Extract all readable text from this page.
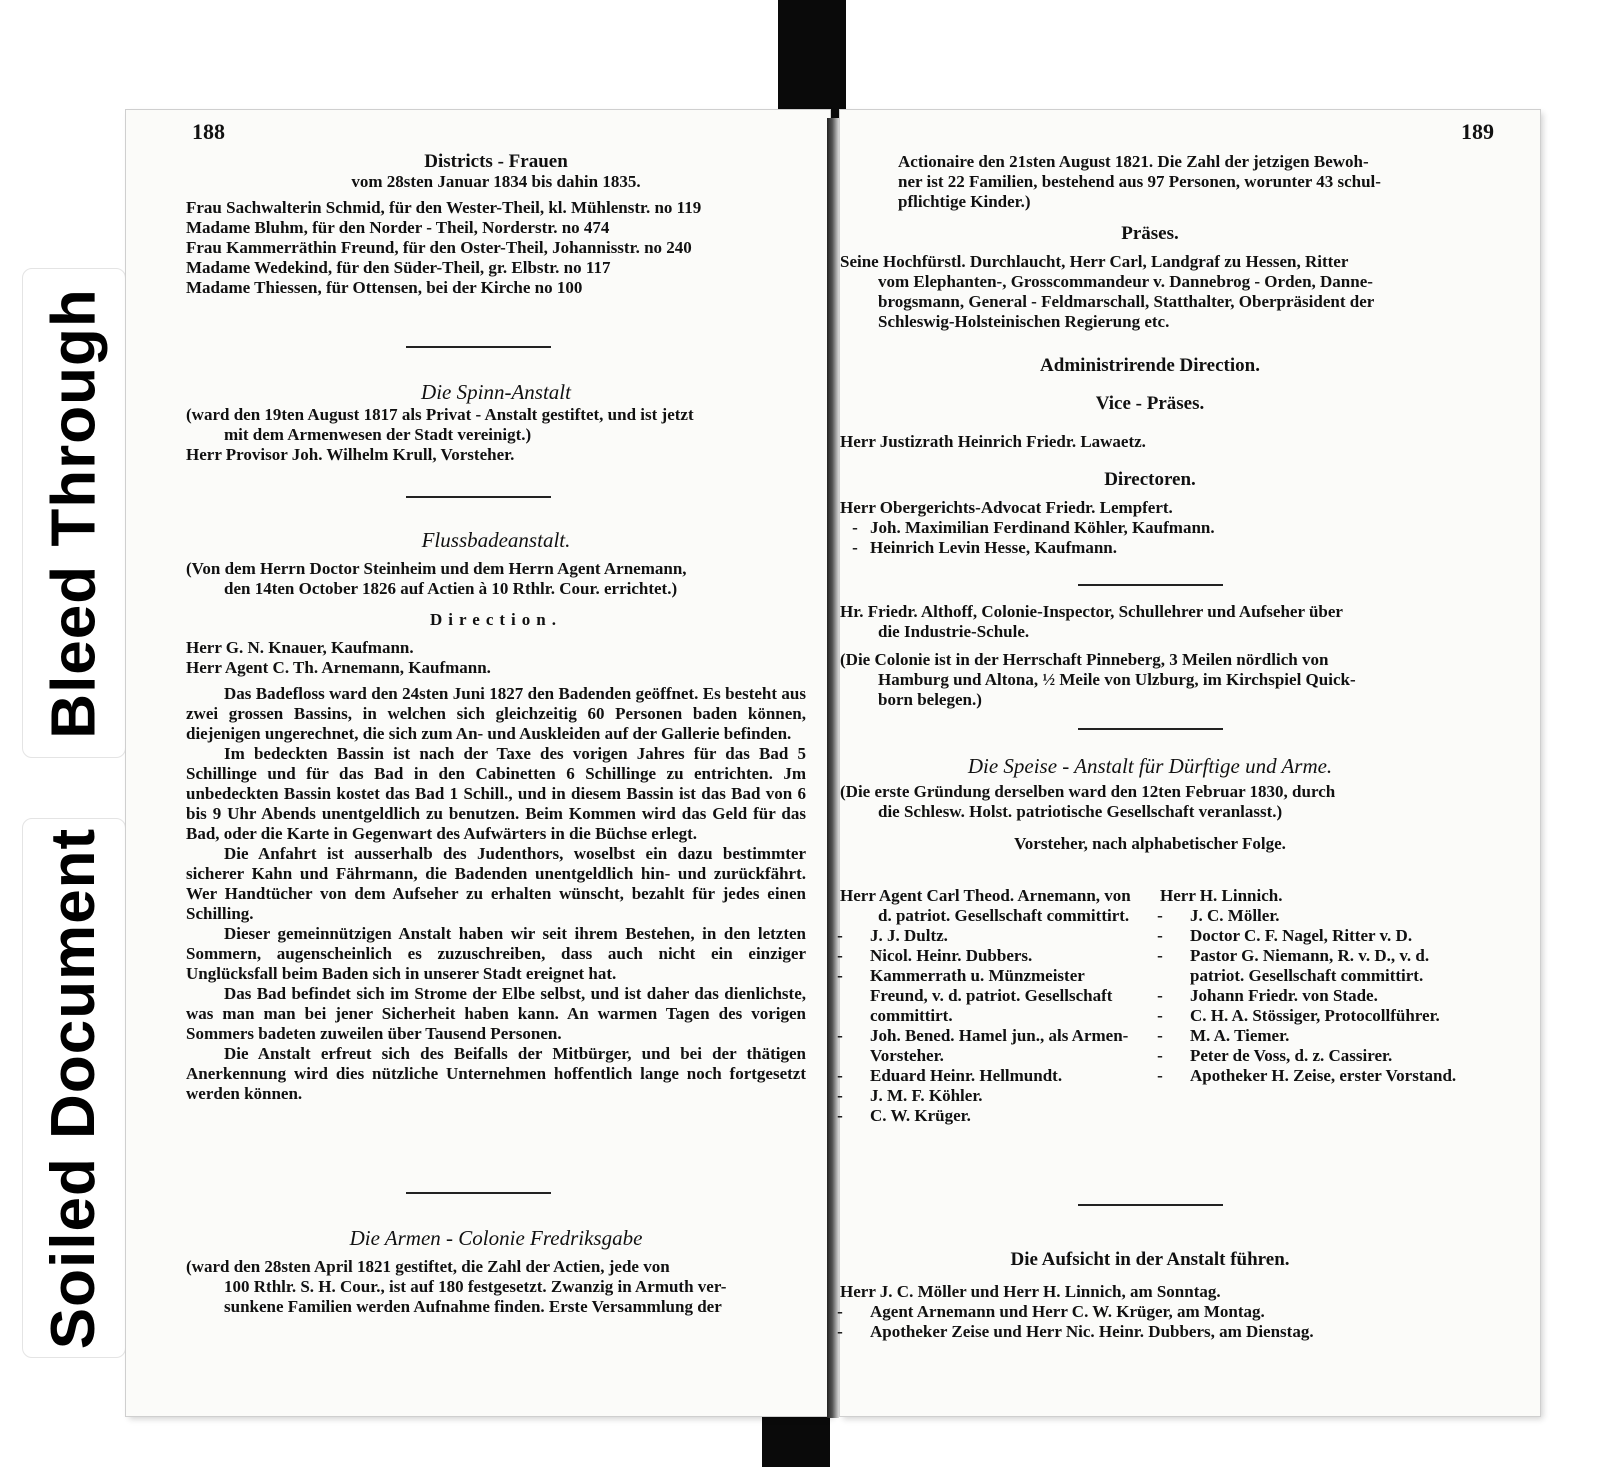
Bleed Through
Soiled Document
188
Districts - Frauen
vom 28sten Januar 1834 bis dahin 1835.
Frau Sachwalterin Schmid, für den Wester-Theil, kl. Mühlenstr. no 119
Madame Bluhm, für den Norder - Theil, Norderstr. no 474
Frau Kammerräthin Freund, für den Oster-Theil, Johannisstr. no 240
Madame Wedekind, für den Süder-Theil, gr. Elbstr. no 117
Madame Thiessen, für Ottensen, bei der Kirche no 100
Die Spinn-Anstalt
(ward den 19ten August 1817 als Privat - Anstalt gestiftet, und ist jetzt
mit dem Armenwesen der Stadt vereinigt.)
Herr Provisor Joh. Wilhelm Krull, Vorsteher.
Flussbadeanstalt.
(Von dem Herrn Doctor Steinheim und dem Herrn Agent Arnemann,
den 14ten October 1826 auf Actien à 10 Rthlr. Cour. errichtet.)
Direction.
Herr G. N. Knauer, Kaufmann.
Herr Agent C. Th. Arnemann, Kaufmann.
Das Badefloss ward den 24sten Juni 1827 den Badenden geöffnet. Es besteht aus zwei grossen Bassins, in welchen sich gleichzeitig 60 Personen baden können, diejenigen ungerechnet, die sich zum An- und Auskleiden auf der Gallerie befinden.
Im bedeckten Bassin ist nach der Taxe des vorigen Jahres für das Bad 5 Schillinge und für das Bad in den Cabinetten 6 Schillinge zu entrichten. Jm unbedeckten Bassin kostet das Bad 1 Schill., und in diesem Bassin ist das Bad von 6 bis 9 Uhr Abends unentgeldlich zu benutzen. Beim Kommen wird das Geld für das Bad, oder die Karte in Gegenwart des Aufwärters in die Büchse erlegt.
Die Anfahrt ist ausserhalb des Judenthors, woselbst ein dazu bestimmter sicherer Kahn und Fährmann, die Badenden unentgeldlich hin- und zurückfährt. Wer Handtücher von dem Aufseher zu erhalten wünscht, bezahlt für jedes einen Schilling.
Dieser gemeinnützigen Anstalt haben wir seit ihrem Bestehen, in den letzten Sommern, augenscheinlich es zuzuschreiben, dass auch nicht ein einziger Unglücksfall beim Baden sich in unserer Stadt ereignet hat.
Das Bad befindet sich im Strome der Elbe selbst, und ist daher das dienlichste, was man man bei jener Sicherheit haben kann. An warmen Tagen des vorigen Sommers badeten zuweilen über Tausend Personen.
Die Anstalt erfreut sich des Beifalls der Mitbürger, und bei der thätigen Anerkennung wird dies nützliche Unternehmen hoffentlich lange noch fortgesetzt werden können.
Die Armen - Colonie Fredriksgabe
(ward den 28sten April 1821 gestiftet, die Zahl der Actien, jede von
100 Rthlr. S. H. Cour., ist auf 180 festgesetzt. Zwanzig in Armuth ver-
sunkene Familien werden Aufnahme finden. Erste Versammlung der
189
Actionaire den 21sten August 1821. Die Zahl der jetzigen Bewoh-
ner ist 22 Familien, bestehend aus 97 Personen, worunter 43 schul-
pflichtige Kinder.)
Präses.
Seine Hochfürstl. Durchlaucht, Herr Carl, Landgraf zu Hessen, Ritter
vom Elephanten-, Grosscommandeur v. Dannebrog - Orden, Danne-
brogsmann, General - Feldmarschall, Statthalter, Oberpräsident der
Schleswig-Holsteinischen Regierung etc.
Administrirende Direction.
Vice - Präses.
Herr Justizrath Heinrich Friedr. Lawaetz.
Directoren.
Herr Obergerichts-Advocat Friedr. Lempfert.
- Joh. Maximilian Ferdinand Köhler, Kaufmann.
- Heinrich Levin Hesse, Kaufmann.
Hr. Friedr. Althoff, Colonie-Inspector, Schullehrer und Aufseher über
die Industrie-Schule.
(Die Colonie ist in der Herrschaft Pinneberg, 3 Meilen nördlich von
Hamburg und Altona, ½ Meile von Ulzburg, im Kirchspiel Quick-
born belegen.)
Die Speise - Anstalt für Dürftige und Arme.
(Die erste Gründung derselben ward den 12ten Februar 1830, durch
die Schlesw. Holst. patriotische Gesellschaft veranlasst.)
Vorsteher, nach alphabetischer Folge.
Herr Agent Carl Theod. Arnemann, von d. patriot. Gesellschaft committirt.
- J. J. Dultz.
- Nicol. Heinr. Dubbers.
- Kammerrath u. Münzmeister Freund, v. d. patriot. Gesellschaft committirt.
- Joh. Bened. Hamel jun., als Armen-Vorsteher.
- Eduard Heinr. Hellmundt.
- J. M. F. Köhler.
- C. W. Krüger.
Herr H. Linnich.
- J. C. Möller.
- Doctor C. F. Nagel, Ritter v. D.
- Pastor G. Niemann, R. v. D., v. d. patriot. Gesellschaft committirt.
- Johann Friedr. von Stade.
- C. H. A. Stössiger, Protocollführer.
- M. A. Tiemer.
- Peter de Voss, d. z. Cassirer.
- Apotheker H. Zeise, erster Vorstand.
Die Aufsicht in der Anstalt führen.
Herr J. C. Möller und Herr H. Linnich, am Sonntag.
- Agent Arnemann und Herr C. W. Krüger, am Montag.
- Apotheker Zeise und Herr Nic. Heinr. Dubbers, am Dienstag.
